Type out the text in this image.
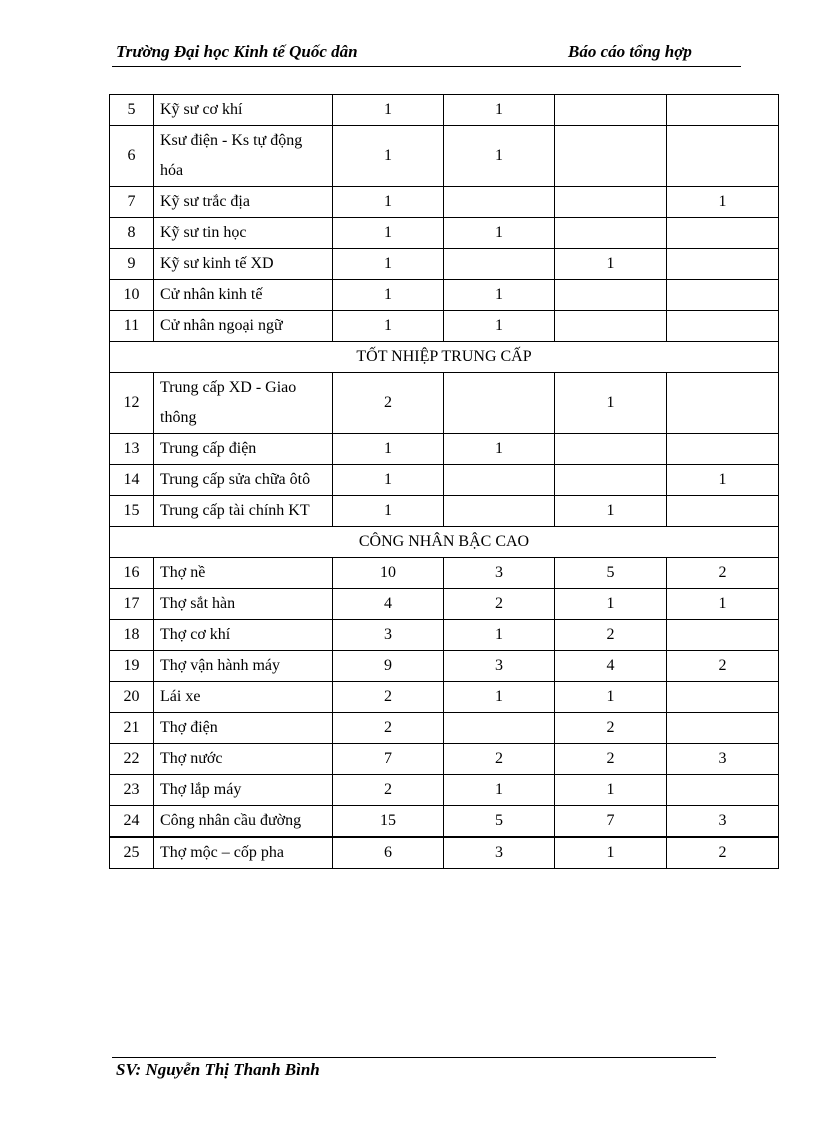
Trường Đại học Kinh tế Quốc dân	Báo cáo tổng hợp
5	Kỹ sư cơ khí	1	1		
6	Ksư điện - Ks tự động hóa	1	1		
7	Kỹ sư trắc địa	1			1
8	Kỹ sư tin học	1	1		
9	Kỹ sư kinh tế XD	1		1	
10	Cử nhân kinh tế	1	1		
11	Cử nhân ngoại ngữ	1	1		
TỐT NHIỆP TRUNG CẤP					
12	Trung cấp XD - Giao thông	2		1	
13	Trung cấp điện	1	1		
14	Trung cấp sửa chữa ôtô	1			1
15	Trung cấp tài chính KT	1		1	
CÔNG NHÂN BẬC CAO					
16	Thợ nề	10	3	5	2
17	Thợ sắt hàn	4	2	1	1
18	Thợ cơ khí	3	1	2	
19	Thợ vận hành máy	9	3	4	2
20	Lái xe	2	1	1	
21	Thợ điện	2		2	
22	Thợ nước	7	2	2	3
23	Thợ lắp máy	2	1	1	
24	Công nhân cầu đường	15	5	7	3
25	Thợ mộc – cốp pha	6	3	1	2
SV: Nguyễn Thị Thanh Bình
